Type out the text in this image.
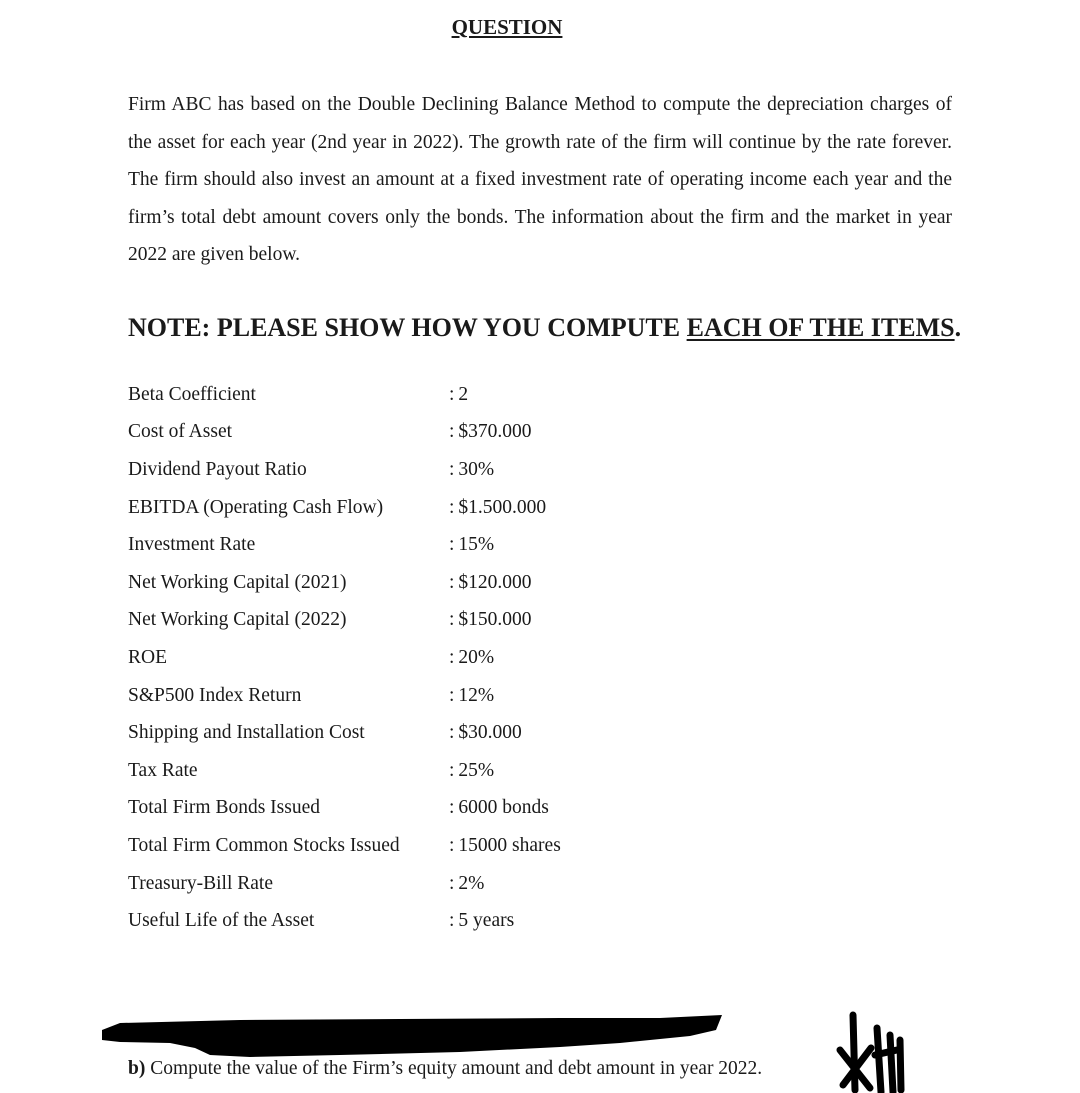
QUESTION

Firm ABC has based on the Double Declining Balance Method to compute the depreciation charges of the asset for each year (2nd year in 2022). The growth rate of the firm will continue by the rate forever. The firm should also invest an amount at a fixed investment rate of operating income each year and the firm’s total debt amount covers only the bonds. The information about the firm and the market in year 2022 are given below.

NOTE: PLEASE SHOW HOW YOU COMPUTE EACH OF THE ITEMS.

Beta Coefficient	: 2
Cost of Asset	: $370.000
Dividend Payout Ratio	: 30%
EBITDA (Operating Cash Flow)	: $1.500.000
Investment Rate	: 15%
Net Working Capital (2021)	: $120.000
Net Working Capital (2022)	: $150.000
ROE	: 20%
S&P500 Index Return	: 12%
Shipping and Installation Cost	: $30.000
Tax Rate	: 25%
Total Firm Bonds Issued	: 6000 bonds
Total Firm Common Stocks Issued	: 15000 shares
Treasury-Bill Rate	: 2%
Useful Life of the Asset	: 5 years
b) Compute the value of the Firm’s equity amount and debt amount in year 2022.
